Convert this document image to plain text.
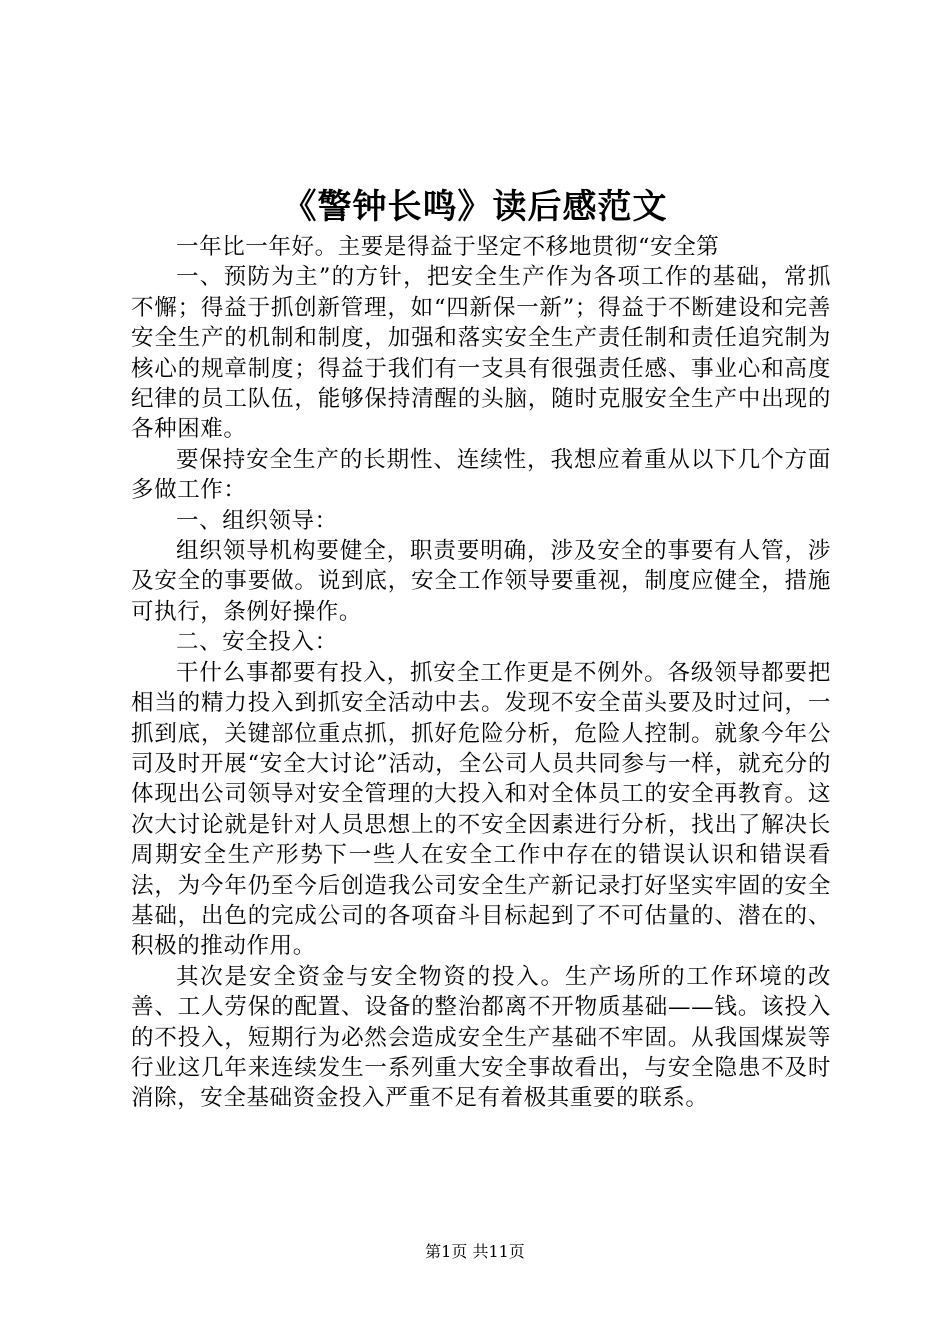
《警钟长鸣》读后感范文

一年比一年好。主要是得益于坚定不移地贯彻“安全第

一、预防为主”的方针，把安全生产作为各项工作的基础，常抓不懈；得益于抓创新管理，如“四新保一新”；得益于不断建设和完善安全生产的机制和制度，加强和落实安全生产责任制和责任追究制为核心的规章制度；得益于我们有一支具有很强责任感、事业心和高度纪律的员工队伍，能够保持清醒的头脑，随时克服安全生产中出现的各种困难。

要保持安全生产的长期性、连续性，我想应着重从以下几个方面多做工作：

一、组织领导：

组织领导机构要健全，职责要明确，涉及安全的事要有人管，涉及安全的事要做。说到底，安全工作领导要重视，制度应健全，措施可执行，条例好操作。

二、安全投入：

干什么事都要有投入，抓安全工作更是不例外。各级领导都要把相当的精力投入到抓安全活动中去。发现不安全苗头要及时过问，一抓到底，关键部位重点抓，抓好危险分析，危险人控制。就象今年公司及时开展“安全大讨论”活动，全公司人员共同参与一样，就充分的体现出公司领导对安全管理的大投入和对全体员工的安全再教育。这次大讨论就是针对人员思想上的不安全因素进行分析，找出了解决长周期安全生产形势下一些人在安全工作中存在的错误认识和错误看法，为今年仍至今后创造我公司安全生产新记录打好坚实牢固的安全基础，出色的完成公司的各项奋斗目标起到了不可估量的、潜在的、积极的推动作用。

其次是安全资金与安全物资的投入。生产场所的工作环境的改善、工人劳保的配置、设备的整治都离不开物质基础——钱。该投入的不投入，短期行为必然会造成安全生产基础不牢固。从我国煤炭等行业这几年来连续发生一系列重大安全事故看出，与安全隐患不及时消除，安全基础资金投入严重不足有着极其重要的联系。

第1页 共11页
